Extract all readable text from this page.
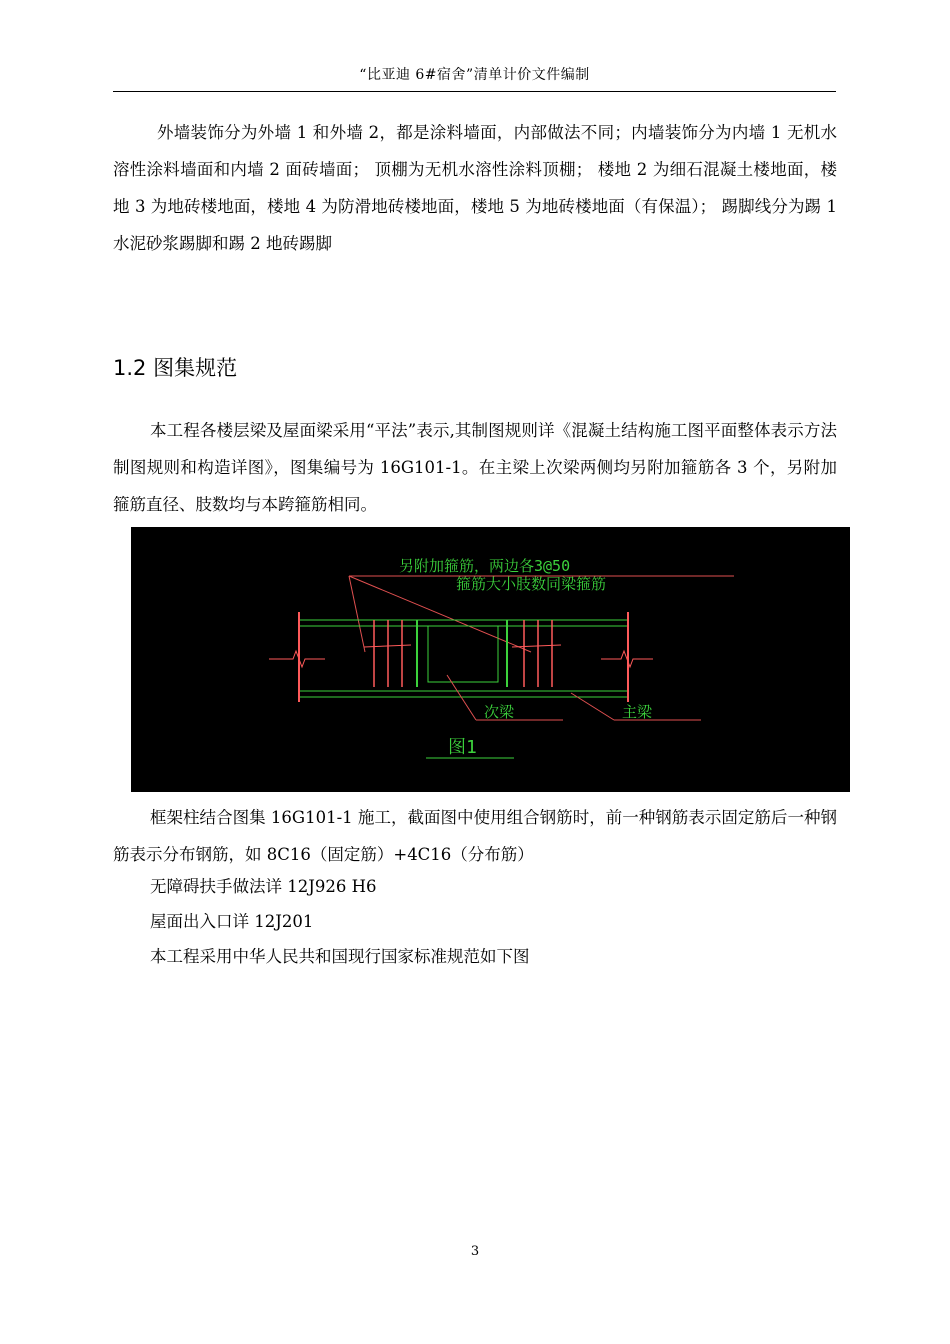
“比亚迪 6#宿舍”清单计价文件编制

外墙装饰分为外墙 1 和外墙 2，都是涂料墙面，内部做法不同；内墙装饰分为内墙 1 无机水溶性涂料墙面和内墙 2 面砖墙面； 顶棚为无机水溶性涂料顶棚； 楼地 2 为细石混凝土楼地面，楼地 3 为地砖楼地面，楼地 4 为防滑地砖楼地面，楼地 5 为地砖楼地面（有保温）； 踢脚线分为踢 1 水泥砂浆踢脚和踢 2 地砖踢脚

1.2 图集规范

本工程各楼层梁及屋面梁采用“平法”表示,其制图规则详《混凝土结构施工图平面整体表示方法制图规则和构造详图》，图集编号为 16G101-1。在主梁上次梁两侧均另附加箍筋各 3 个，另附加箍筋直径、肢数均与本跨箍筋相同。

另附加箍筋，两边各3@50
箍筋大小肢数同梁箍筋
次梁	主梁
图1

框架柱结合图集 16G101-1 施工，截面图中使用组合钢筋时，前一种钢筋表示固定筋后一种钢筋表示分布钢筋，如 8C16（固定筋）+4C16（分布筋）

无障碍扶手做法详 12J926 H6

屋面出入口详 12J201

本工程采用中华人民共和国现行国家标准规范如下图

3
